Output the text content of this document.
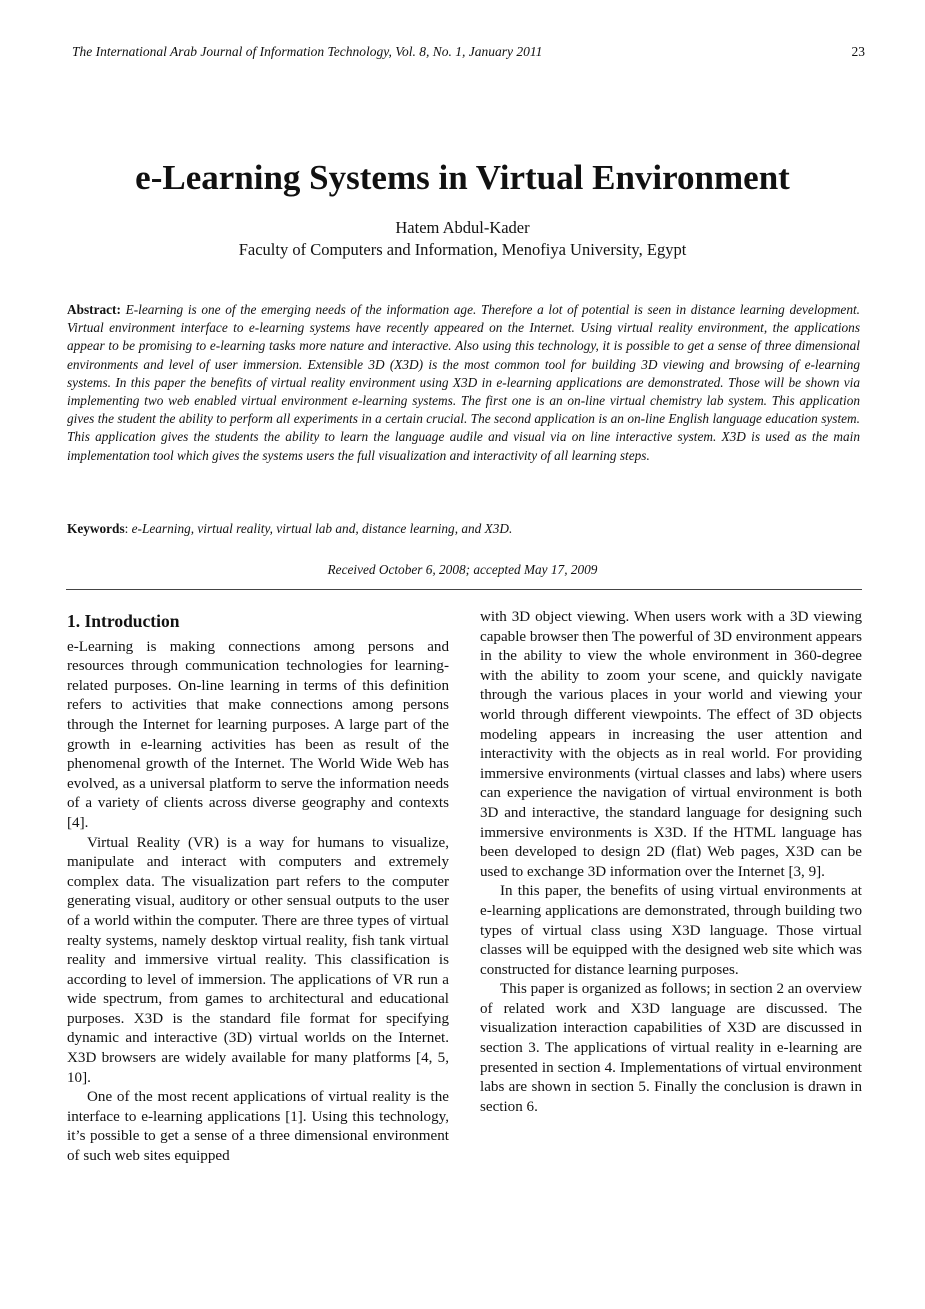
The International Arab Journal of Information Technology, Vol. 8, No. 1, January 2011	23
e-Learning Systems in Virtual Environment
Hatem Abdul-Kader
Faculty of Computers and Information, Menofiya University, Egypt

Abstract: E-learning is one of the emerging needs of the information age. Therefore a lot of potential is seen in distance learning development. Virtual environment interface to e-learning systems have recently appeared on the Internet. Using virtual reality environment, the applications appear to be promising to e-learning tasks more nature and interactive. Also using this technology, it is possible to get a sense of three dimensional environments and level of user immersion. Extensible 3D (X3D) is the most common tool for building 3D viewing and browsing of e-learning systems. In this paper the benefits of virtual reality environment using X3D in e-learning applications are demonstrated. Those will be shown via implementing two web enabled virtual environment e-learning systems. The first one is an on-line virtual chemistry lab system. This application gives the student the ability to perform all experiments in a certain crucial. The second application is an on-line English language education system. This application gives the students the ability to learn the language audile and visual via on line interactive system. X3D is used as the main implementation tool which gives the systems users the full visualization and interactivity of all learning steps.

Keywords: e-Learning, virtual reality, virtual lab and, distance learning, and X3D.

Received October 6, 2008; accepted May 17, 2009
1. Introduction

e-Learning is making connections among persons and resources through communication technologies for learning-related purposes. On-line learning in terms of this definition refers to activities that make connections among persons through the Internet for learning purposes. A large part of the growth in e-learning activities has been as result of the phenomenal growth of the Internet. The World Wide Web has evolved, as a universal platform to serve the information needs of a variety of clients across diverse geography and contexts [4].

Virtual Reality (VR) is a way for humans to visualize, manipulate and interact with computers and extremely complex data. The visualization part refers to the computer generating visual, auditory or other sensual outputs to the user of a world within the computer. There are three types of virtual realty systems, namely desktop virtual reality, fish tank virtual reality and immersive virtual reality. This classification is according to level of immersion. The applications of VR run a wide spectrum, from games to architectural and educational purposes. X3D is the standard file format for specifying dynamic and interactive (3D) virtual worlds on the Internet. X3D browsers are widely available for many platforms [4, 5, 10].

One of the most recent applications of virtual reality is the interface to e-learning applications [1]. Using this technology, it’s possible to get a sense of a three dimensional environment of such web sites equipped

with 3D object viewing. When users work with a 3D viewing capable browser then The powerful of 3D environment appears in the ability to view the whole environment in 360-degree with the ability to zoom your scene, and quickly navigate through the various places in your world and viewing your world through different viewpoints. The effect of 3D objects modeling appears in increasing the user attention and interactivity with the objects as in real world. For providing immersive environments (virtual classes and labs) where users can experience the navigation of virtual environment is both 3D and interactive, the standard language for designing such immersive environments is X3D. If the HTML language has been developed to design 2D (flat) Web pages, X3D can be used to exchange 3D information over the Internet [3, 9].

In this paper, the benefits of using virtual environments at e-learning applications are demonstrated, through building two types of virtual class using X3D language. Those virtual classes will be equipped with the designed web site which was constructed for distance learning purposes.

This paper is organized as follows; in section 2 an overview of related work and X3D language are discussed. The visualization interaction capabilities of X3D are discussed in section 3. The applications of virtual reality in e-learning are presented in section 4. Implementations of virtual environment labs are shown in section 5. Finally the conclusion is drawn in section 6.
